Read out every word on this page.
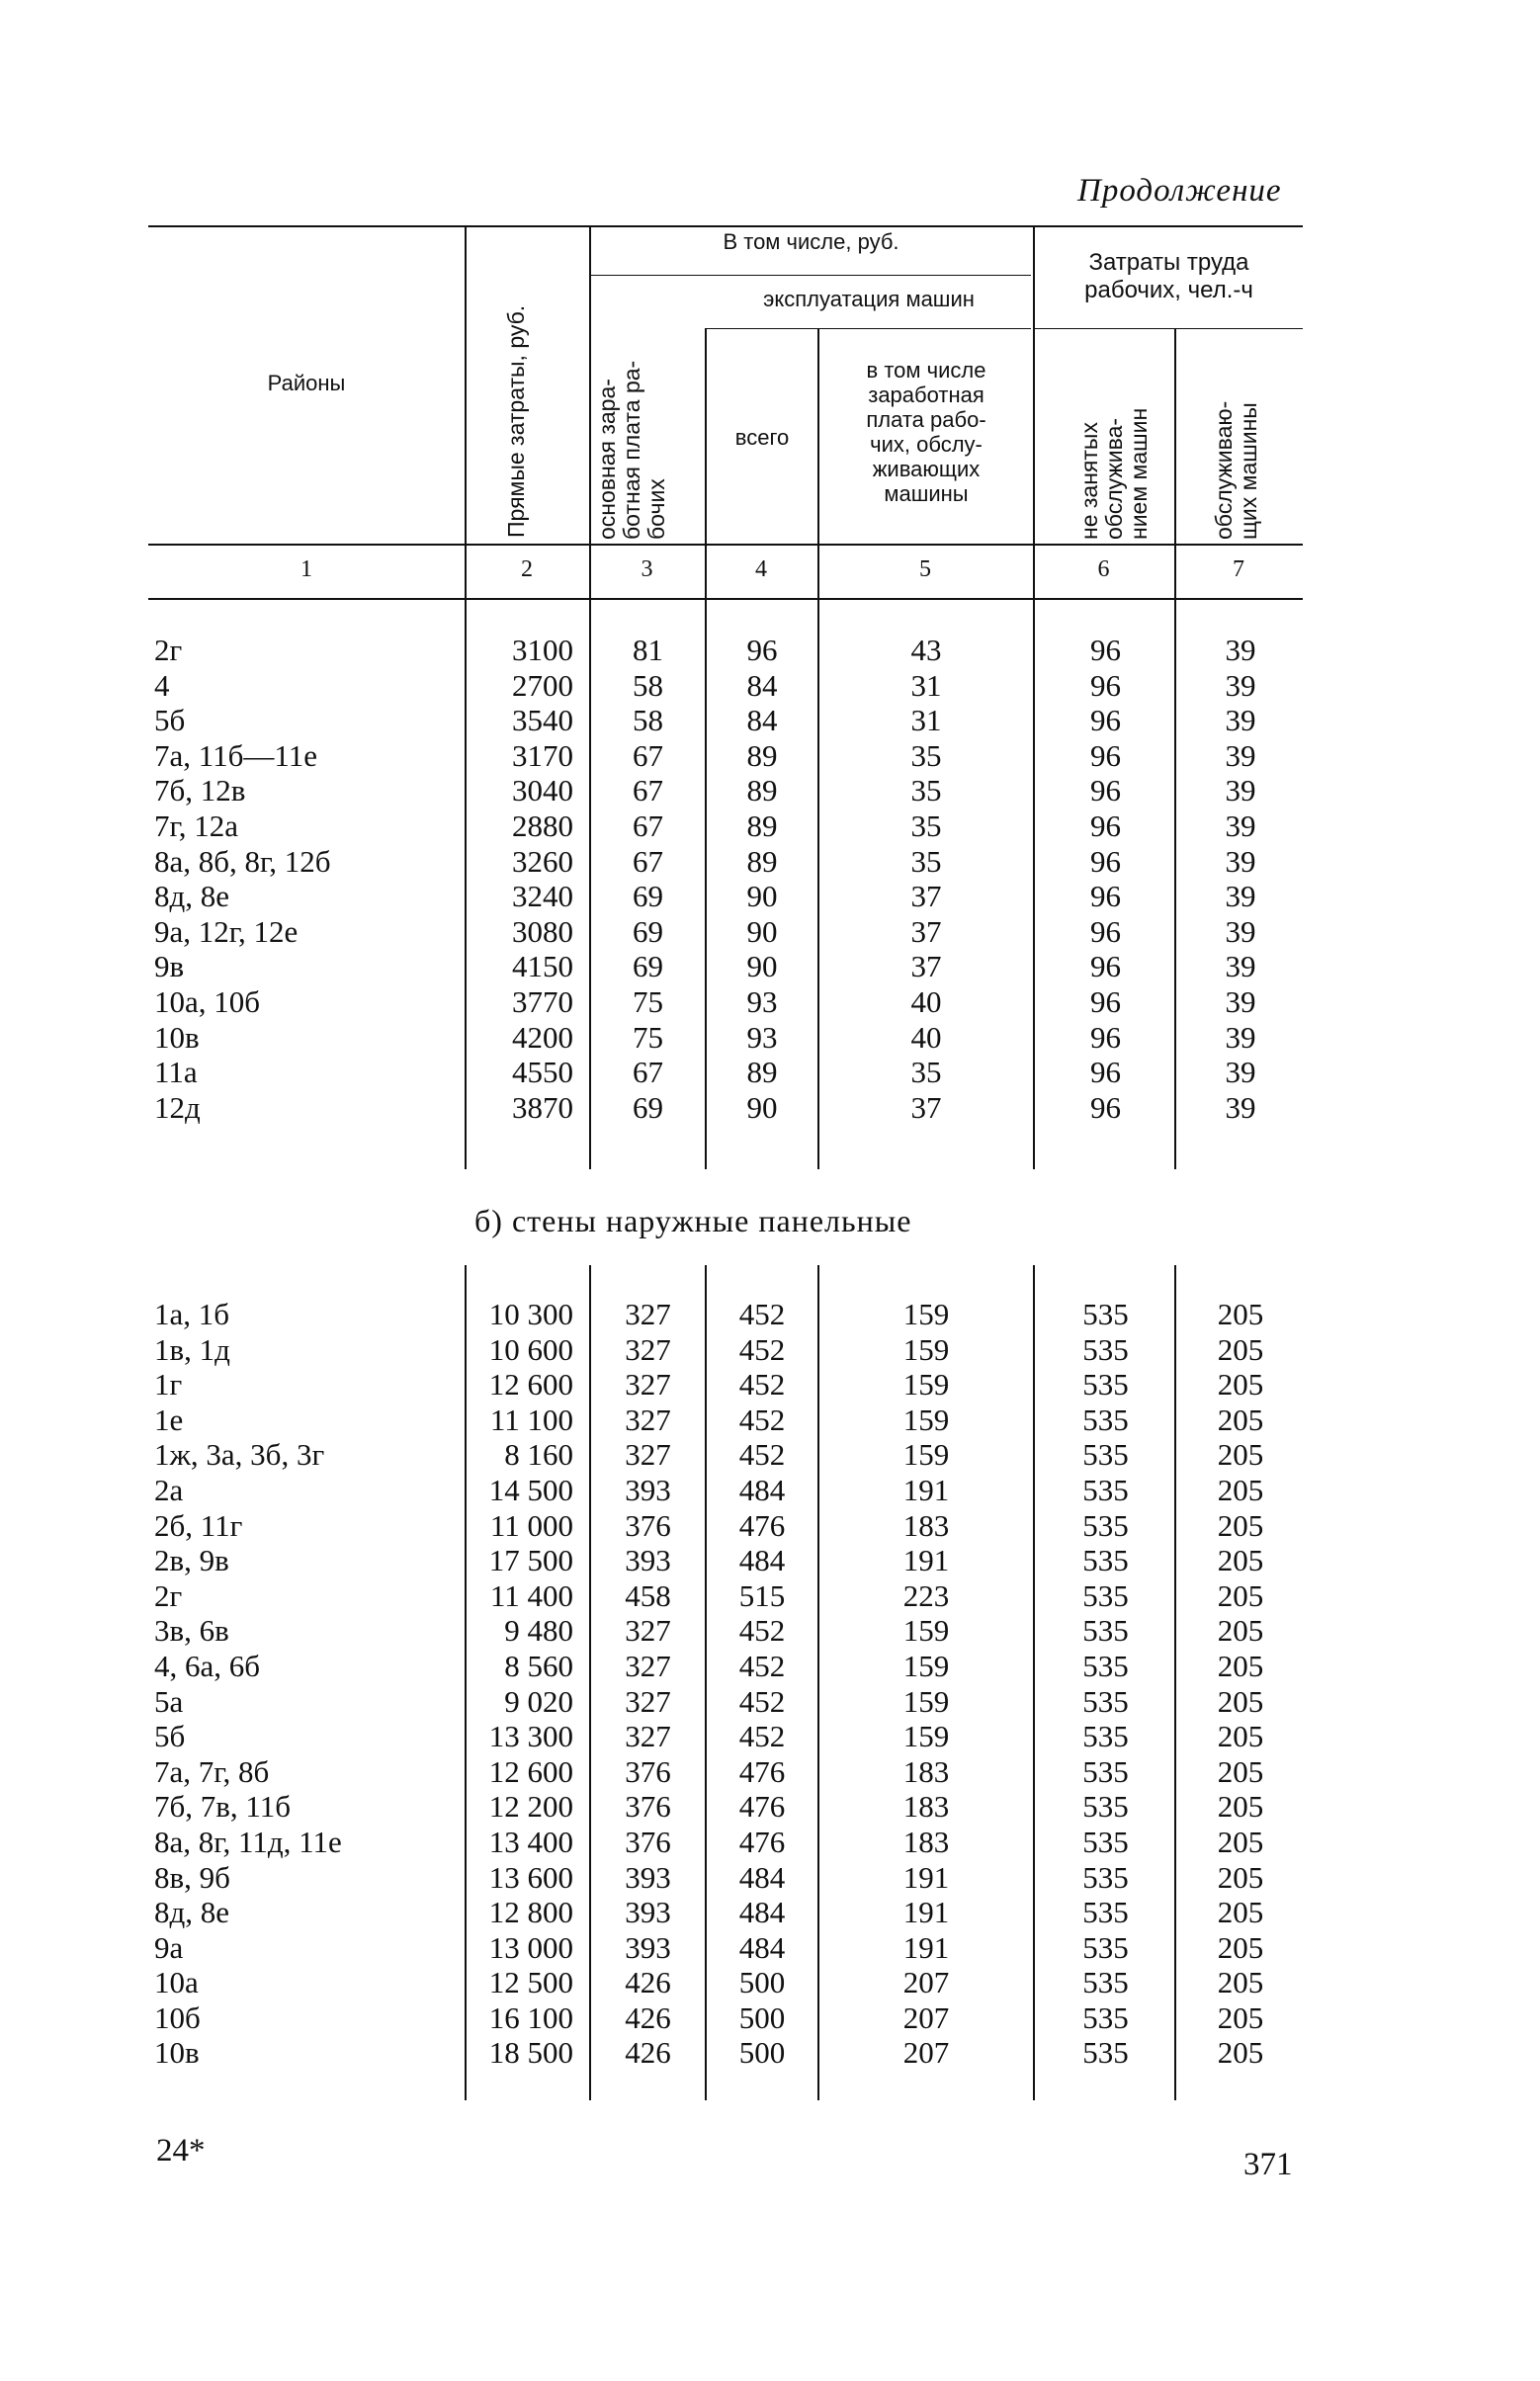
Продолжение
Районы	Прямые затраты, руб.
В том числе, руб.
основная зара-
ботная плата ра-
бочих
эксплуатация машин
всего
в том числе
заработная
плата рабо-
чих, обслу-
живающих
машины
Затраты труда
рабочих, чел.-ч
не занятых
обслужива-
нием машин	обслуживаю-
щих машины
1	2	3	4	5	6	7
2г	3100	81	96	43	96	39
4	2700	58	84	31	96	39
5б	3540	58	84	31	96	39
7а, 11б—11е	3170	67	89	35	96	39
7б, 12в	3040	67	89	35	96	39
7г, 12а	2880	67	89	35	96	39
8а, 8б, 8г, 12б	3260	67	89	35	96	39
8д, 8е	3240	69	90	37	96	39
9а, 12г, 12е	3080	69	90	37	96	39
9в	4150	69	90	37	96	39
10а, 10б	3770	75	93	40	96	39
10в	4200	75	93	40	96	39
11а	4550	67	89	35	96	39
12д	3870	69	90	37	96	39
б) стены наружные панельные
1а, 1б	10 300	327	452	159	535	205
1в, 1д	10 600	327	452	159	535	205
1г	12 600	327	452	159	535	205
1е	11 100	327	452	159	535	205
1ж, 3а, 3б, 3г	8 160	327	452	159	535	205
2а	14 500	393	484	191	535	205
2б, 11г	11 000	376	476	183	535	205
2в, 9в	17 500	393	484	191	535	205
2г	11 400	458	515	223	535	205
3в, 6в	9 480	327	452	159	535	205
4, 6а, 6б	8 560	327	452	159	535	205
5а	9 020	327	452	159	535	205
5б	13 300	327	452	159	535	205
7а, 7г, 8б	12 600	376	476	183	535	205
7б, 7в, 11б	12 200	376	476	183	535	205
8а, 8г, 11д, 11е	13 400	376	476	183	535	205
8в, 9б	13 600	393	484	191	535	205
8д, 8е	12 800	393	484	191	535	205
9а	13 000	393	484	191	535	205
10а	12 500	426	500	207	535	205
10б	16 100	426	500	207	535	205
10в	18 500	426	500	207	535	205
24*	371
